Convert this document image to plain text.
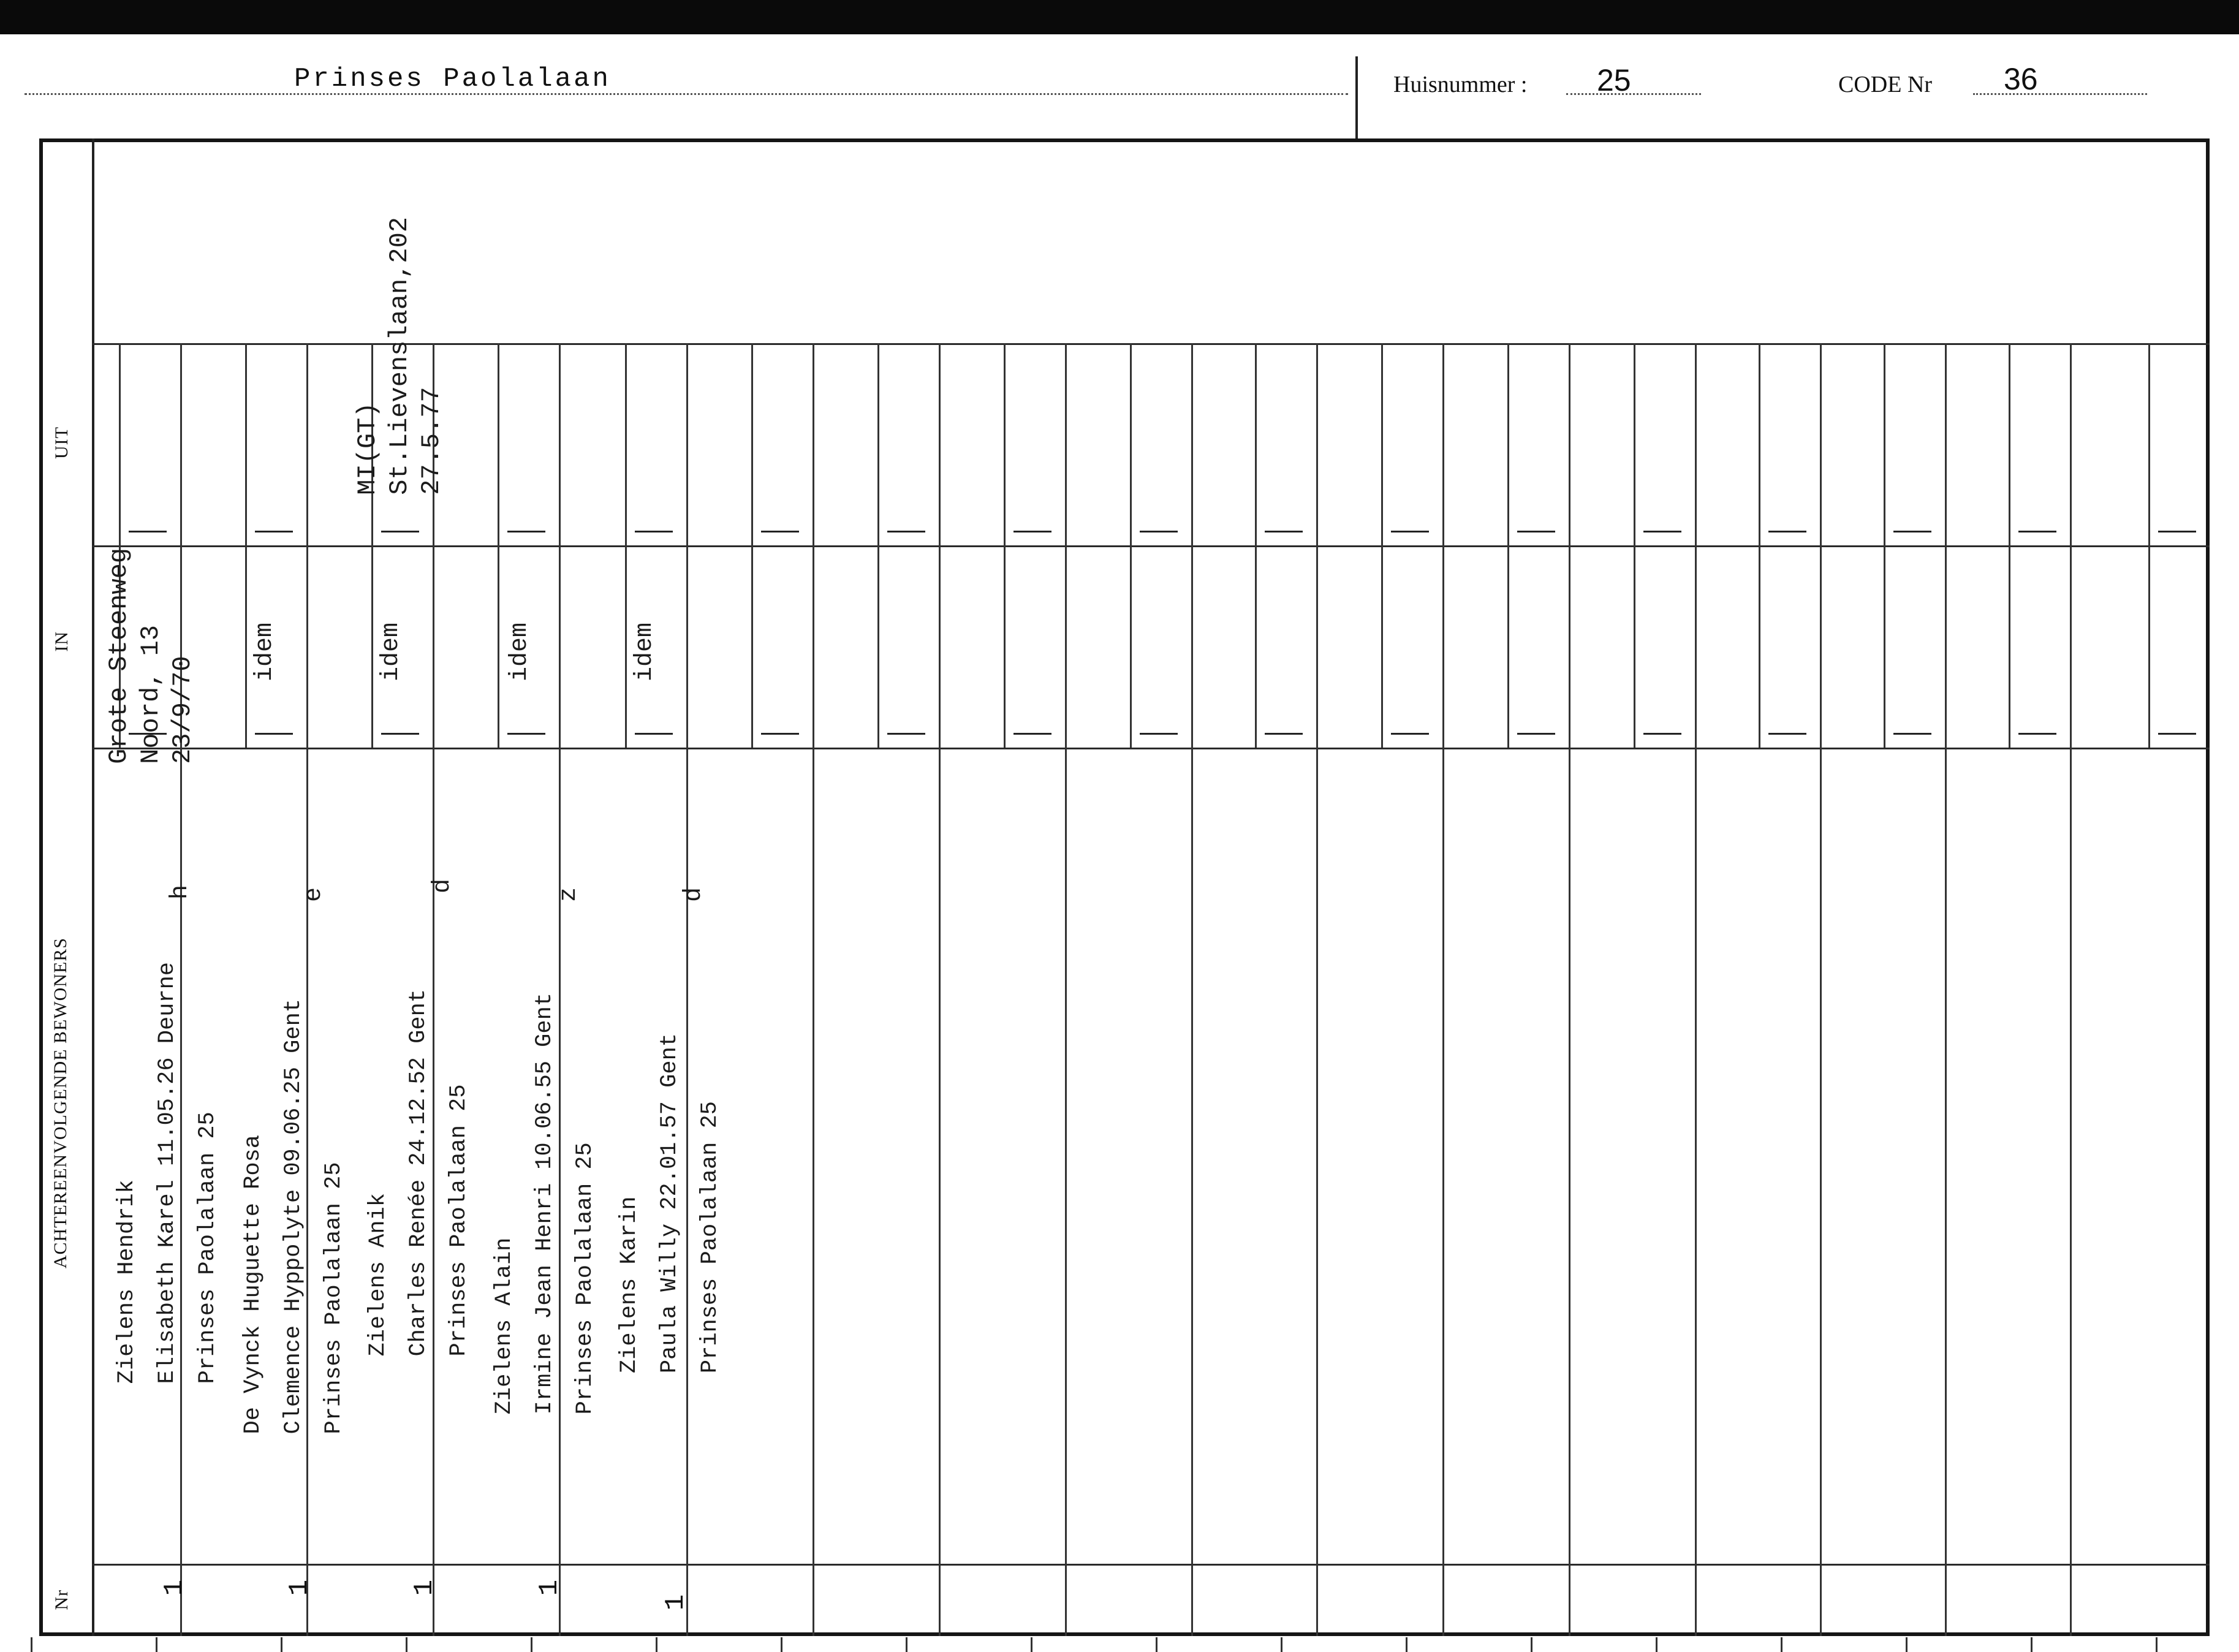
Prinses Paolalaan	Huisnummer : 25	CODE Nr 36
UIT
IN
ACHTEREENVOLGENDE BEWONERS
Nr
Zielens Hendrik Elisabeth Karel 11.05.26 Deurne Prinses Paolalaan 25
h
Grote Steenweg Noord, 13 23/9/70
1
De Vynck Huguette Rosa Clemence Hyppolyte 09.06.25 Gent Prinses Paolalaan 25
e
idem
1
Zielens Anik Charles Renée 24.12.52 Gent Prinses Paolalaan 25
d
idem
MI(GT) St.Lievenslaan,202 27.5.77
1
Zielens Alain Irmine Jean Henri 10.06.55 Gent Prinses Paolalaan 25
z
idem
1
Zielens Karin Paula Willy 22.01.57 Gent Prinses Paolalaan 25
d
idem
1
